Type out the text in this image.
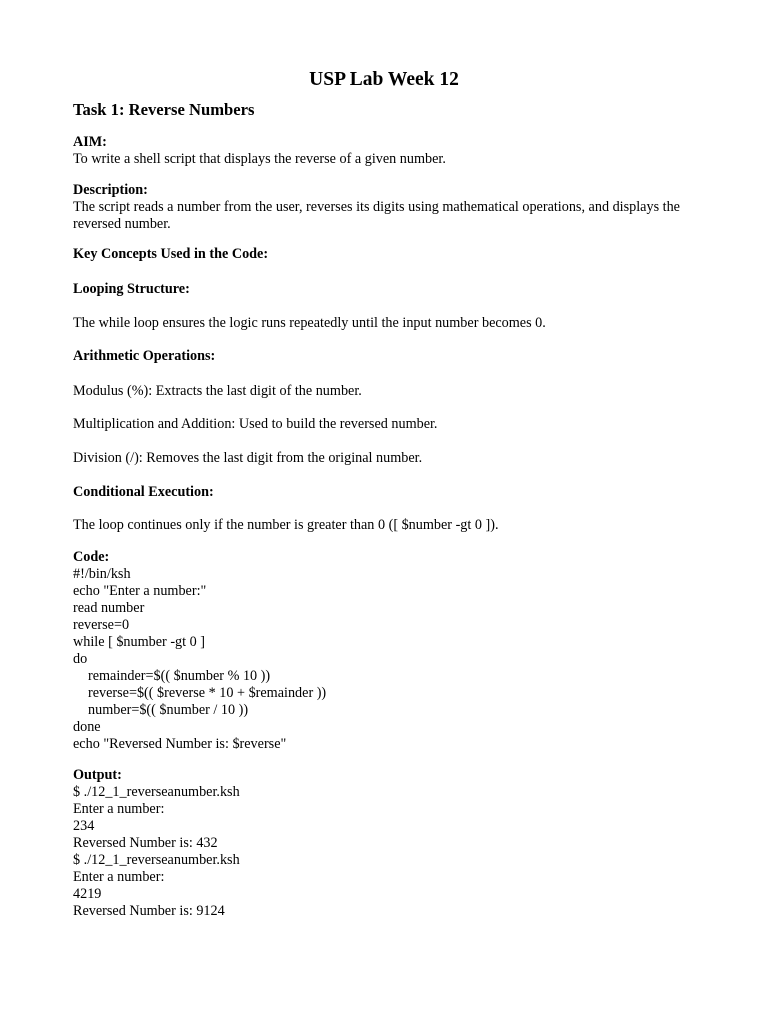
USP Lab Week 12
Task 1: Reverse Numbers
AIM:
To write a shell script that displays the reverse of a given number.
Description:
The script reads a number from the user, reverses its digits using mathematical operations, and displays the reversed number.
Key Concepts Used in the Code:
Looping Structure:
The while loop ensures the logic runs repeatedly until the input number becomes 0.
Arithmetic Operations:
Modulus (%): Extracts the last digit of the number.
Multiplication and Addition: Used to build the reversed number.
Division (/): Removes the last digit from the original number.
Conditional Execution:
The loop continues only if the number is greater than 0 ([ $number -gt 0 ]).
Code:
#!/bin/ksh
echo "Enter a number:"
read number
reverse=0
while [ $number -gt 0 ]
do
remainder=$(( $number % 10 ))
reverse=$(( $reverse * 10 + $remainder ))
number=$(( $number / 10 ))
done
echo "Reversed Number is: $reverse"
Output:
$ ./12_1_reverseanumber.ksh
Enter a number:
234
Reversed Number is: 432
$ ./12_1_reverseanumber.ksh
Enter a number:
4219
Reversed Number is: 9124
